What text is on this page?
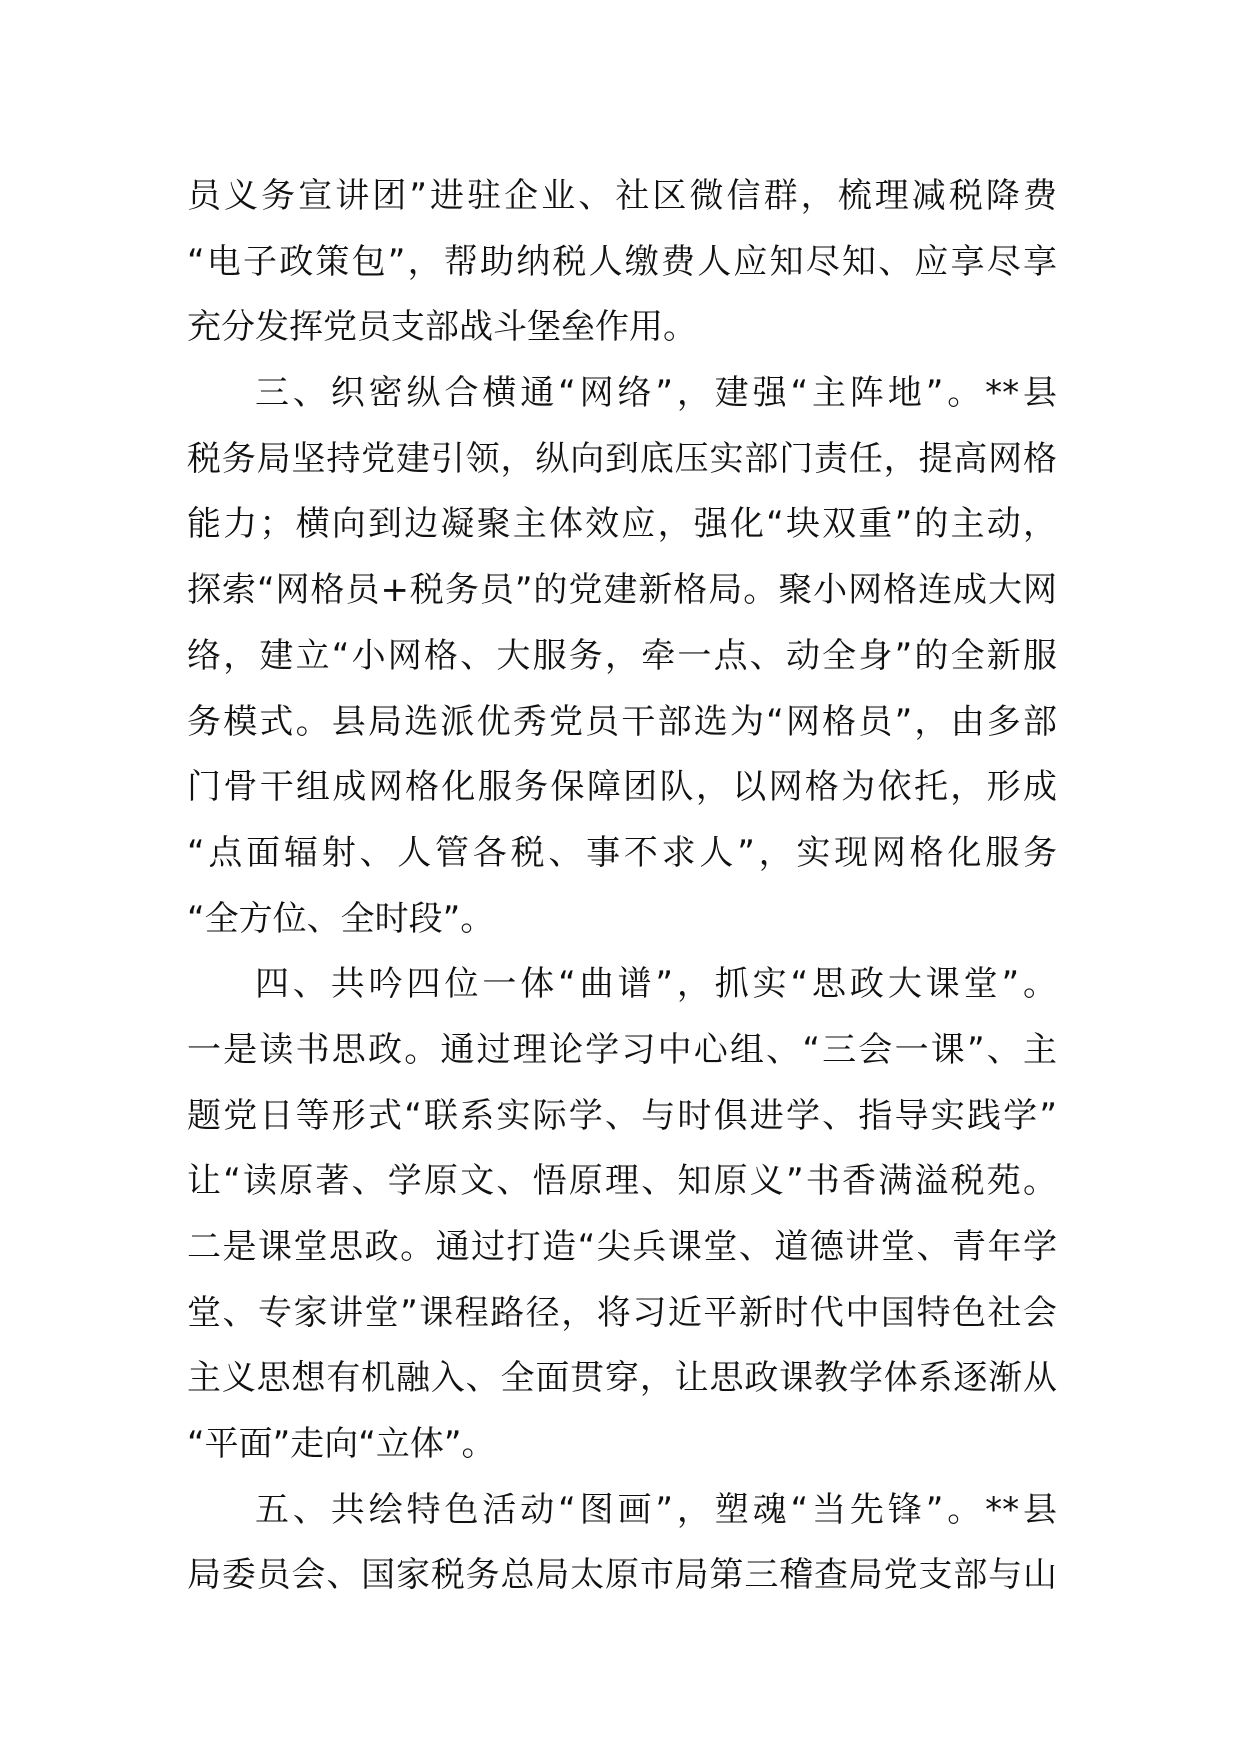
员义务宣讲团”进驻企业、社区微信群，梳理减税降费
“电子政策包”，帮助纳税人缴费人应知尽知、应享尽享
充分发挥党员支部战斗堡垒作用。
三、织密纵合横通“网络”，建强“主阵地”。**县
税务局坚持党建引领，纵向到底压实部门责任，提高网格
能力；横向到边凝聚主体效应，强化“块双重”的主动，
探索“网格员+税务员”的党建新格局。聚小网格连成大网
络，建立“小网格、大服务，牵一点、动全身”的全新服
务模式。县局选派优秀党员干部选为“网格员”，由多部
门骨干组成网格化服务保障团队，以网格为依托，形成
“点面辐射、人管各税、事不求人”，实现网格化服务
“全方位、全时段”。
四、共吟四位一体“曲谱”，抓实“思政大课堂”。
一是读书思政。通过理论学习中心组、“三会一课”、主
题党日等形式“联系实际学、与时俱进学、指导实践学”
让“读原著、学原文、悟原理、知原义”书香满溢税苑。
二是课堂思政。通过打造“尖兵课堂、道德讲堂、青年学
堂、专家讲堂”课程路径，将习近平新时代中国特色社会
主义思想有机融入、全面贯穿，让思政课教学体系逐渐从
“平面”走向“立体”。
五、共绘特色活动“图画”，塑魂“当先锋”。**县
局委员会、国家税务总局太原市局第三稽查局党支部与山
